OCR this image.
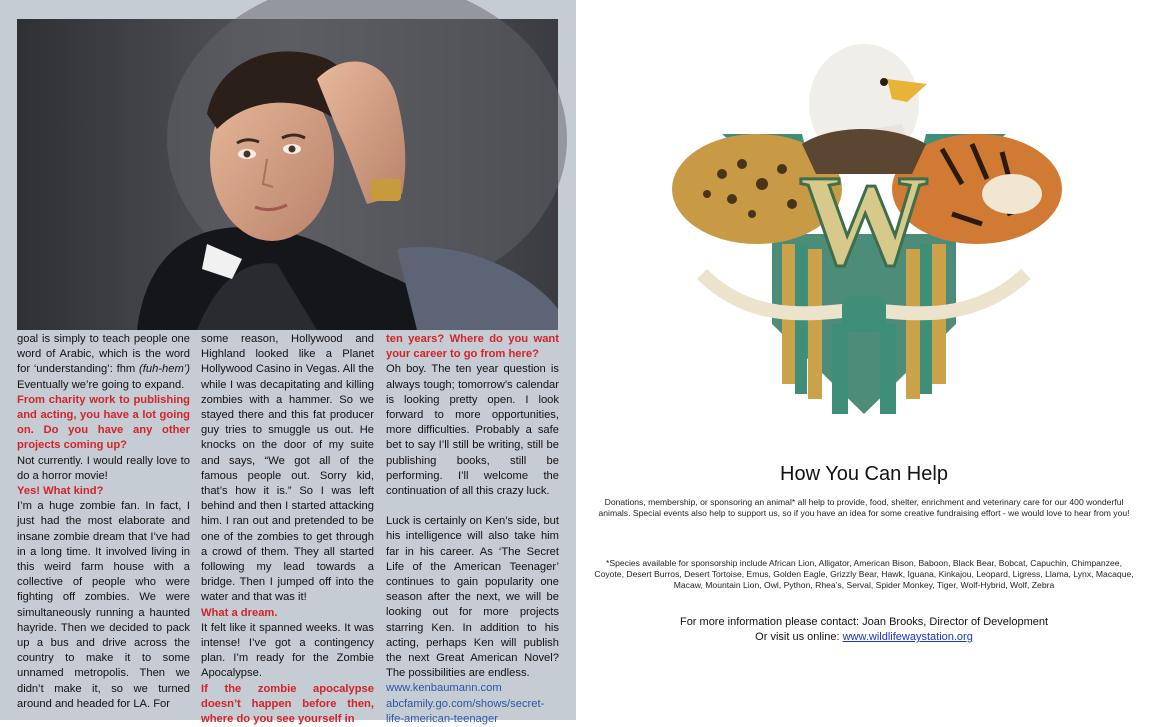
goal is simply to teach people one word of Arabic, which is the word for ‘understanding’: fhm (fuh-hem’) Eventually we’re going to expand.

From charity work to publishing and acting, you have a lot going on. Do you have any other projects coming up?

Not currently. I would really love to do a horror movie!

Yes! What kind?

I’m a huge zombie fan. In fact, I just had the most elaborate and insane zombie dream that I’ve had in a long time. It involved living in this weird farm house with a collective of people who were fighting off zombies. We were simultaneously running a haunted hayride. Then we decided to pack up a bus and drive across the country to make it to some unnamed metropolis. Then we didn’t make it, so we turned around and headed for LA. For

some reason, Hollywood and Highland looked like a Planet Hollywood Casino in Vegas. All the while I was decapitating and killing zombies with a hammer. So we stayed there and this fat producer guy tries to smuggle us out. He knocks on the door of my suite and says, “We got all of the famous people out. Sorry kid, that’s how it is.” So I was left behind and then I started attacking him. I ran out and pretended to be one of the zombies to get through a crowd of them. They all started following my lead towards a bridge. Then I jumped off into the water and that was it!

What a dream.

It felt like it spanned weeks. It was intense! I’ve got a contingency plan. I’m ready for the Zombie Apocalypse.

If the zombie apocalypse doesn’t happen before then, where do you see yourself in

ten years? Where do you want your career to go from here?

Oh boy. The ten year question is always tough; tomorrow’s calendar is looking pretty open. I look forward to more opportunities, more difficulties. Probably a safe bet to say I’ll still be writing, still be publishing books, still be performing. I’ll welcome the continuation of all this crazy luck.

Luck is certainly on Ken’s side, but his intelligence will also take him far in his career. As ‘The Secret Life of the American Teenager’ continues to gain popularity one season after the next, we will be looking out for more projects starring Ken. In addition to his acting, perhaps Ken will publish the next Great American Novel? The possibilities are endless.

www.kenbaumann.com

abcfamily.go.com/shows/secret-life-american-teenager

W
How You Can Help
Donations, membership, or sponsoring an animal* all help to provide, food, shelter, enrichment and veterinary care for our 400 wonderful animals. Special events also help to support us, so if you have an idea for some creative fundraising effort - we would love to hear from you!
*Species available for sponsorship include African Lion, Alligator, American Bison, Baboon, Black Bear, Bobcat, Capuchin, Chimpanzee, Coyote, Desert Burros, Desert Tortoise, Emus, Golden Eagle, Grizzly Bear, Hawk, Iguana, Kinkajou, Leopard, Ligress, Llama, Lynx, Macaque, Macaw, Mountain Lion, Owl, Python, Rhea’s, Serval, Spider Monkey, Tiger, Wolf-Hybrid, Wolf, Zebra
For more information please contact: Joan Brooks, Director of Development
Or visit us online: www.wildlifewaystation.org
